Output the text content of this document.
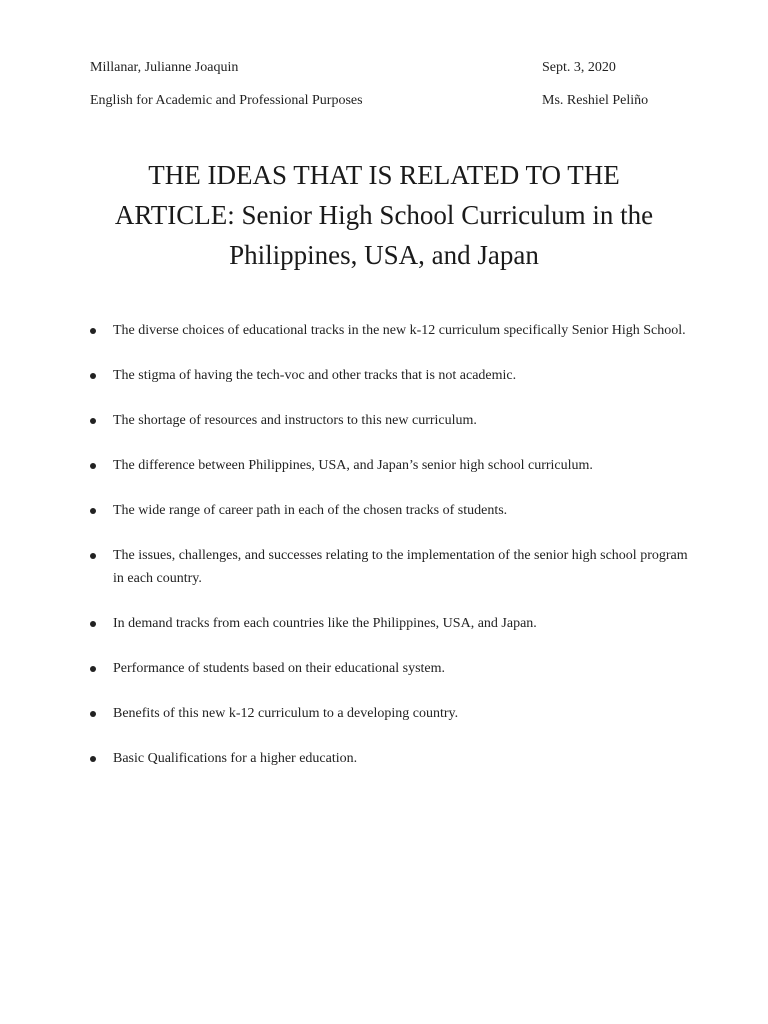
Millanar, Julianne Joaquin	Sept. 3, 2020
English for Academic and Professional Purposes	Ms. Reshiel Peliño
THE IDEAS THAT IS RELATED TO THE
ARTICLE: Senior High School Curriculum in the
Philippines, USA, and Japan
The diverse choices of educational tracks in the new k-12 curriculum specifically Senior High School.
The stigma of having the tech-voc and other tracks that is not academic.
The shortage of resources and instructors to this new curriculum.
The difference between Philippines, USA, and Japan’s senior high school curriculum.
The wide range of career path in each of the chosen tracks of students.
The issues, challenges, and successes relating to the implementation of the senior high school program in each country.
In demand tracks from each countries like the Philippines, USA, and Japan.
Performance of students based on their educational system.
Benefits of this new k-12 curriculum to a developing country.
Basic Qualifications for a higher education.
